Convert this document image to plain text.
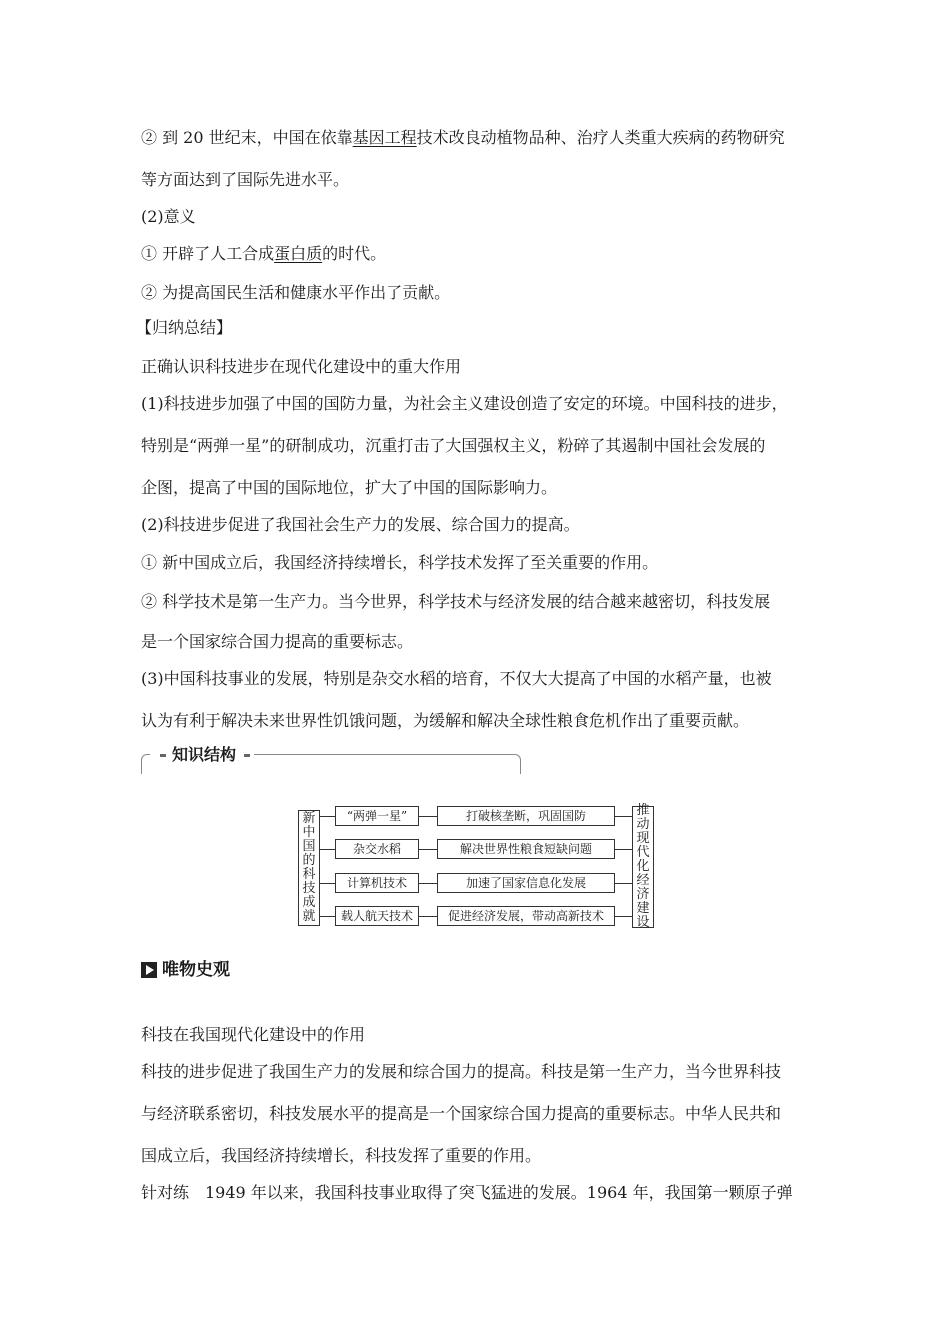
② 到 20 世纪末，中国在依靠基因工程技术改良动植物品种、治疗人类重大疾病的药物研究
等方面达到了国际先进水平。
(2)意义
① 开辟了人工合成蛋白质的时代。
② 为提高国民生活和健康水平作出了贡献。
【归纳总结】
正确认识科技进步在现代化建设中的重大作用
(1)科技进步加强了中国的国防力量，为社会主义建设创造了安定的环境。中国科技的进步，
特别是“两弹一星”的研制成功，沉重打击了大国强权主义，粉碎了其遏制中国社会发展的
企图，提高了中国的国际地位，扩大了中国的国际影响力。
(2)科技进步促进了我国社会生产力的发展、综合国力的提高。
① 新中国成立后，我国经济持续增长，科学技术发挥了至关重要的作用。
② 科学技术是第一生产力。当今世界，科学技术与经济发展的结合越来越密切，科技发展
是一个国家综合国力提高的重要标志。
(3)中国科技事业的发展，特别是杂交水稻的培育，不仅大大提高了中国的水稻产量，也被
认为有利于解决未来世界性饥饿问题，为缓解和解决全球性粮食危机作出了重要贡献。
知识结构
新中国的科技成就
推动现代化经济建设
“两弹一星”	打破核垄断，巩固国防
杂交水稻	解决世界性粮食短缺问题
计算机技术	加速了国家信息化发展
载人航天技术	促进经济发展，带动高新技术
唯物史观
科技在我国现代化建设中的作用
科技的进步促进了我国生产力的发展和综合国力的提高。科技是第一生产力，当今世界科技
与经济联系密切，科技发展水平的提高是一个国家综合国力提高的重要标志。中华人民共和
国成立后，我国经济持续增长，科技发挥了重要的作用。
针对练　1949 年以来，我国科技事业取得了突飞猛进的发展。1964 年，我国第一颗原子弹
